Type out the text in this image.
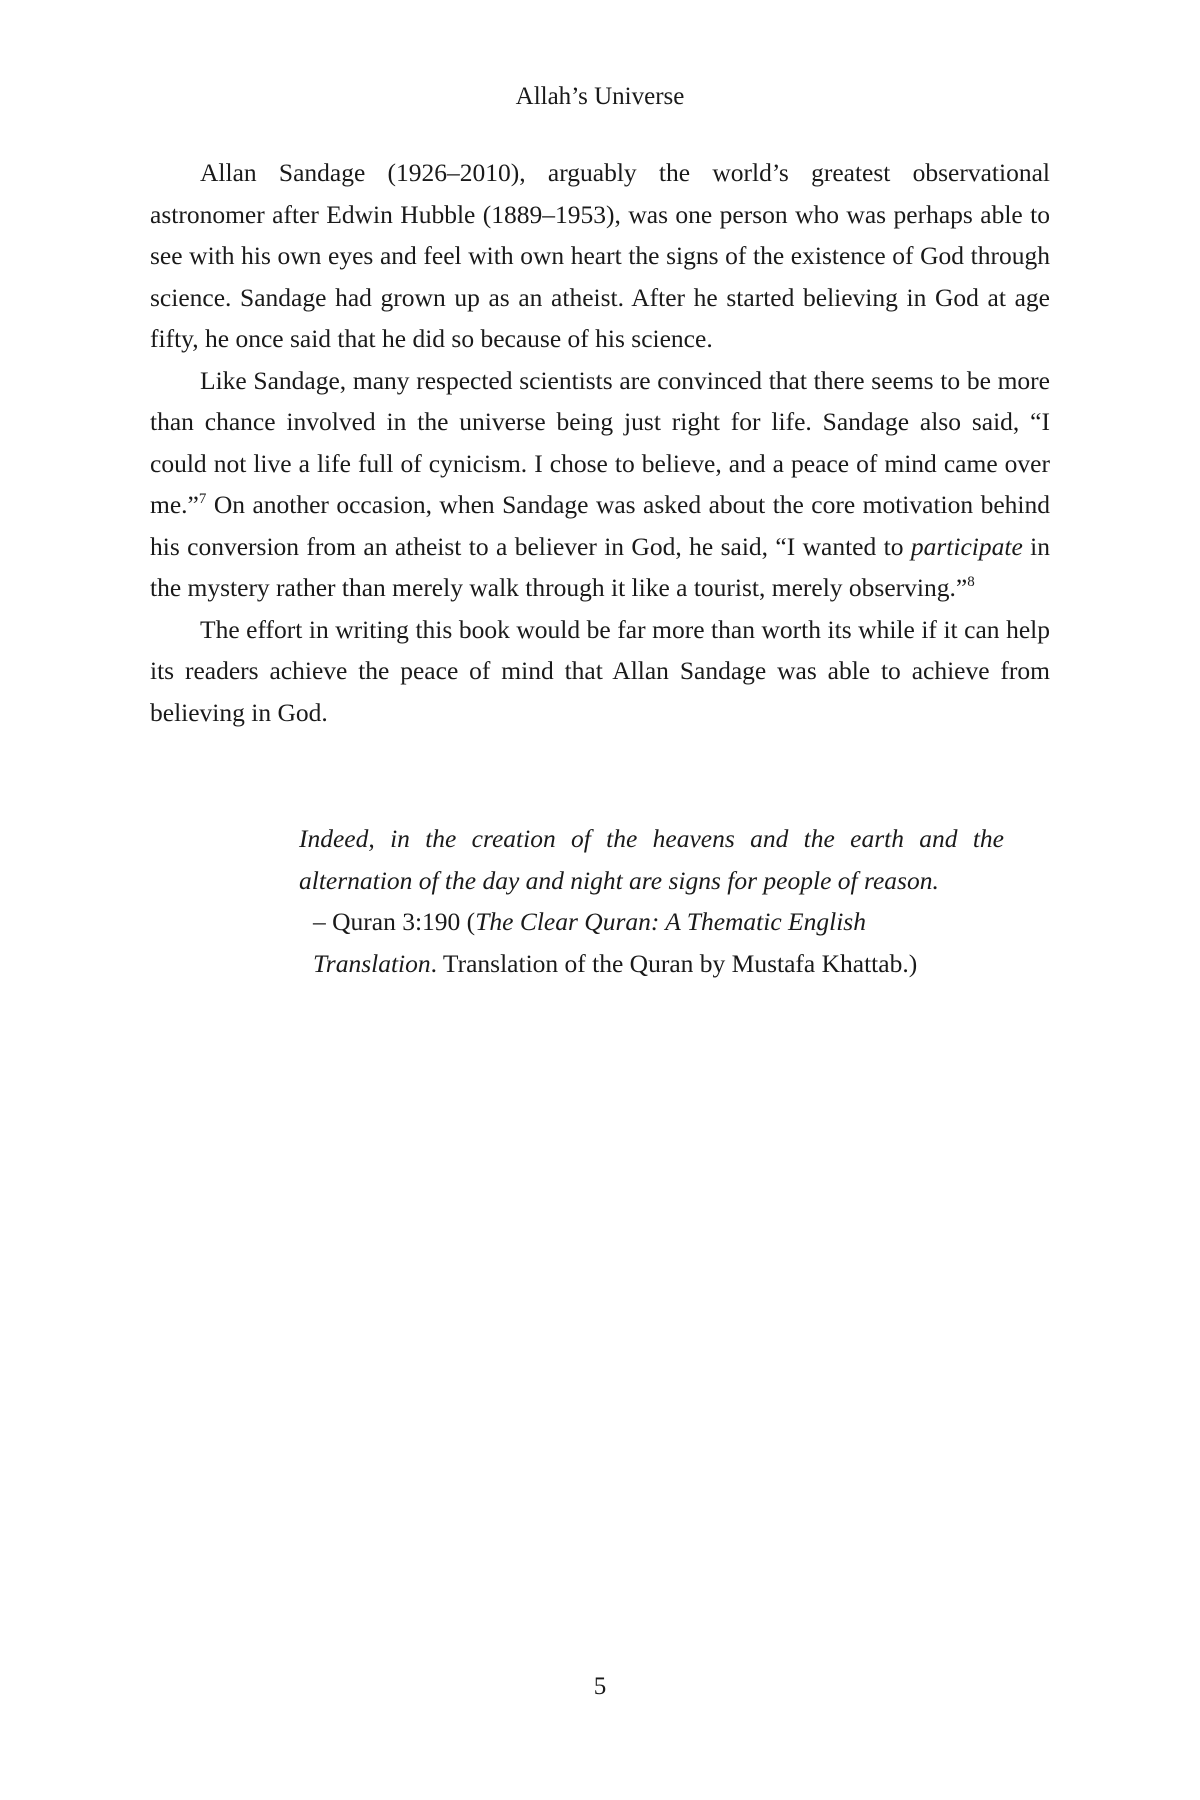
Allah’s Universe

Allan Sandage (1926–2010), arguably the world’s greatest observational astronomer after Edwin Hubble (1889–1953), was one person who was perhaps able to see with his own eyes and feel with own heart the signs of the existence of God through science. Sandage had grown up as an atheist. After he started believing in God at age fifty, he once said that he did so because of his science.

Like Sandage, many respected scientists are convinced that there seems to be more than chance involved in the universe being just right for life. Sandage also said, “I could not live a life full of cynicism. I chose to believe, and a peace of mind came over me.”$^7$ On another occasion, when Sandage was asked about the core motivation behind his conversion from an atheist to a believer in God, he said, “I wanted to participate in the mystery rather than merely walk through it like a tourist, merely observing.”$^8$

The effort in writing this book would be far more than worth its while if it can help its readers achieve the peace of mind that Allan Sandage was able to achieve from believing in God.

Indeed, in the creation of the heavens and the earth and the alternation of the day and night are signs for people of reason.

– Quran 3:190 (The Clear Quran: A Thematic English

Translation. Translation of the Quran by Mustafa Khattab.)

5
